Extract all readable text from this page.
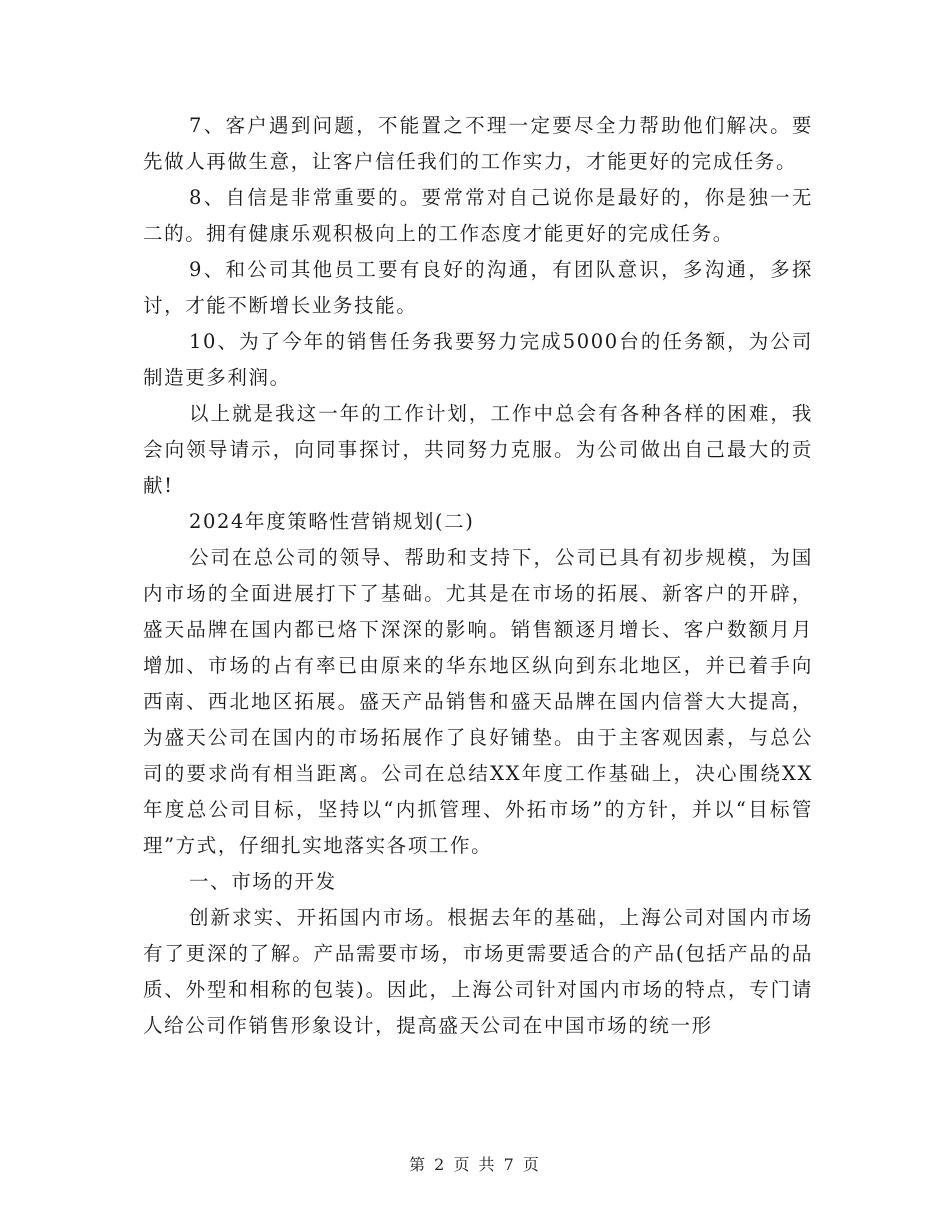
7、客户遇到问题，不能置之不理一定要尽全力帮助他们解决。要先做人再做生意，让客户信任我们的工作实力，才能更好的完成任务。

8、自信是非常重要的。要常常对自己说你是最好的，你是独一无二的。拥有健康乐观积极向上的工作态度才能更好的完成任务。

9、和公司其他员工要有良好的沟通，有团队意识，多沟通，多探讨，才能不断增长业务技能。

10、为了今年的销售任务我要努力完成5000台的任务额，为公司制造更多利润。

以上就是我这一年的工作计划，工作中总会有各种各样的困难，我会向领导请示，向同事探讨，共同努力克服。为公司做出自己最大的贡献!

2024年度策略性营销规划(二)

公司在总公司的领导、帮助和支持下，公司已具有初步规模，为国内市场的全面进展打下了基础。尤其是在市场的拓展、新客户的开辟，盛天品牌在国内都已烙下深深的影响。销售额逐月增长、客户数额月月增加、市场的占有率已由原来的华东地区纵向到东北地区，并已着手向西南、西北地区拓展。盛天产品销售和盛天品牌在国内信誉大大提高，为盛天公司在国内的市场拓展作了良好铺垫。由于主客观因素，与总公司的要求尚有相当距离。公司在总结XX年度工作基础上，决心围绕XX年度总公司目标，坚持以“内抓管理、外拓市场”的方针，并以“目标管理”方式，仔细扎实地落实各项工作。

一、市场的开发

创新求实、开拓国内市场。根据去年的基础，上海公司对国内市场有了更深的了解。产品需要市场，市场更需要适合的产品(包括产品的品质、外型和相称的包装)。因此，上海公司针对国内市场的特点，专门请人给公司作销售形象设计，提高盛天公司在中国市场的统一形

第 2 页 共 7 页
